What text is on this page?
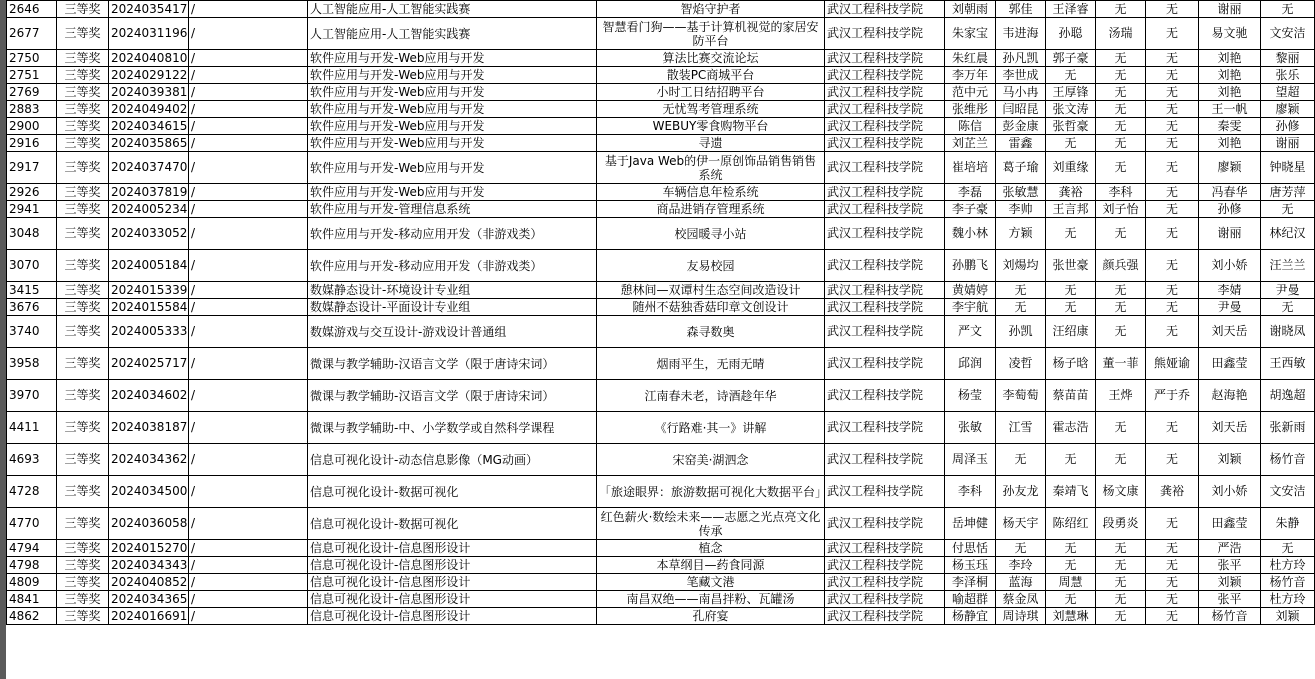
2646	三等奖	2024035417	/	人工智能应用-人工智能实践赛	智焰守护者	武汉工程科技学院	刘朝雨	郭佳	王泽睿	无	无	谢丽	无
2677	三等奖	2024031196	/	人工智能应用-人工智能实践赛	智慧看门狗——基于计算机视觉的家居安防平台	武汉工程科技学院	朱家宝	韦进海	孙聪	汤瑞	无	易文驰	文安洁
2750	三等奖	2024040810	/	软件应用与开发-Web应用与开发	算法比赛交流论坛	武汉工程科技学院	朱红晨	孙凡凯	郭子豪	无	无	刘艳	黎丽
2751	三等奖	2024029122	/	软件应用与开发-Web应用与开发	散装PC商城平台	武汉工程科技学院	李万年	李世成	无	无	无	刘艳	张乐
2769	三等奖	2024039381	/	软件应用与开发-Web应用与开发	小时工日结招聘平台	武汉工程科技学院	范中元	马小冉	王厚锋	无	无	刘艳	望超
2883	三等奖	2024049402	/	软件应用与开发-Web应用与开发	无忧驾考管理系统	武汉工程科技学院	张维彤	闫昭昆	张文涛	无	无	王一帆	廖颖
2900	三等奖	2024034615	/	软件应用与开发-Web应用与开发	WEBUY零食购物平台	武汉工程科技学院	陈信	彭金康	张哲豪	无	无	秦雯	孙修
2916	三等奖	2024035865	/	软件应用与开发-Web应用与开发	寻遗	武汉工程科技学院	刘芷兰	雷鑫	无	无	无	刘艳	谢丽
2917	三等奖	2024037470	/	软件应用与开发-Web应用与开发	基于Java Web的伊一原创饰品销售销售系统	武汉工程科技学院	崔培培	葛子瑜	刘重缘	无	无	廖颖	钟晓星
2926	三等奖	2024037819	/	软件应用与开发-Web应用与开发	车辆信息年检系统	武汉工程科技学院	李磊	张敏慧	龚裕	李科	无	冯春华	唐芳萍
2941	三等奖	2024005234	/	软件应用与开发-管理信息系统	商品进销存管理系统	武汉工程科技学院	李子豪	李帅	王言邦	刘子怡	无	孙修	无
3048	三等奖	2024033052	/	软件应用与开发-移动应用开发（非游戏类）	校园暖寻小站	武汉工程科技学院	魏小林	方颖	无	无	无	谢丽	林纪汉
3070	三等奖	2024005184	/	软件应用与开发-移动应用开发（非游戏类）	友易校园	武汉工程科技学院	孙鹏飞	刘煬均	张世豪	颜兵强	无	刘小娇	汪兰兰
3415	三等奖	2024015339	/	数媒静态设计-环境设计专业组	憩林间—双谭村生态空间改造设计	武汉工程科技学院	黄婧婷	无	无	无	无	李婧	尹曼
3676	三等奖	2024015584	/	数媒静态设计-平面设计专业组	随州不菇独香菇印章文创设计	武汉工程科技学院	李宇航	无	无	无	无	尹曼	无
3740	三等奖	2024005333	/	数媒游戏与交互设计-游戏设计普通组	森寻数奥	武汉工程科技学院	严文	孙凯	汪绍康	无	无	刘天岳	谢晓凤
3958	三等奖	2024025717	/	微课与教学辅助-汉语言文学（限于唐诗宋词）	烟雨平生，无雨无晴	武汉工程科技学院	邱润	凌哲	杨子晗	董一菲	熊娅谕	田鑫莹	王西敏
3970	三等奖	2024034602	/	微课与教学辅助-汉语言文学（限于唐诗宋词）	江南春未老，诗酒趁年华	武汉工程科技学院	杨莹	李萄萄	蔡苗苗	王烨	严于乔	赵海艳	胡逸超
4411	三等奖	2024038187	/	微课与教学辅助-中、小学数学或自然科学课程	《行路难·其一》讲解	武汉工程科技学院	张敏	江雪	霍志浩	无	无	刘天岳	张新雨
4693	三等奖	2024034362	/	信息可视化设计-动态信息影像（MG动画）	宋窑美·湖泗念	武汉工程科技学院	周泽玉	无	无	无	无	刘颖	杨竹音
4728	三等奖	2024034500	/	信息可视化设计-数据可视化	「旅途眼界：旅游数据可视化大数据平台」	武汉工程科技学院	李科	孙友龙	秦靖飞	杨文康	龚裕	刘小娇	文安洁
4770	三等奖	2024036058	/	信息可视化设计-数据可视化	红色薪火·数绘未来——志愿之光点亮文化传承	武汉工程科技学院	岳坤健	杨天宇	陈绍红	段勇炎	无	田鑫莹	朱静
4794	三等奖	2024015270	/	信息可视化设计-信息图形设计	植念	武汉工程科技学院	付思恬	无	无	无	无	严浩	无
4798	三等奖	2024034343	/	信息可视化设计-信息图形设计	本草纲目—药食同源	武汉工程科技学院	杨玉珏	李玲	无	无	无	张平	杜方玲
4809	三等奖	2024040852	/	信息可视化设计-信息图形设计	笔藏文港	武汉工程科技学院	李泽桐	蓝海	周慧	无	无	刘颖	杨竹音
4841	三等奖	2024034365	/	信息可视化设计-信息图形设计	南昌双绝——南昌拌粉、瓦罐汤	武汉工程科技学院	喻超群	蔡金凤	无	无	无	张平	杜方玲
4862	三等奖	2024016691	/	信息可视化设计-信息图形设计	孔府宴	武汉工程科技学院	杨静宜	周诗琪	刘慧琳	无	无	杨竹音	刘颖
